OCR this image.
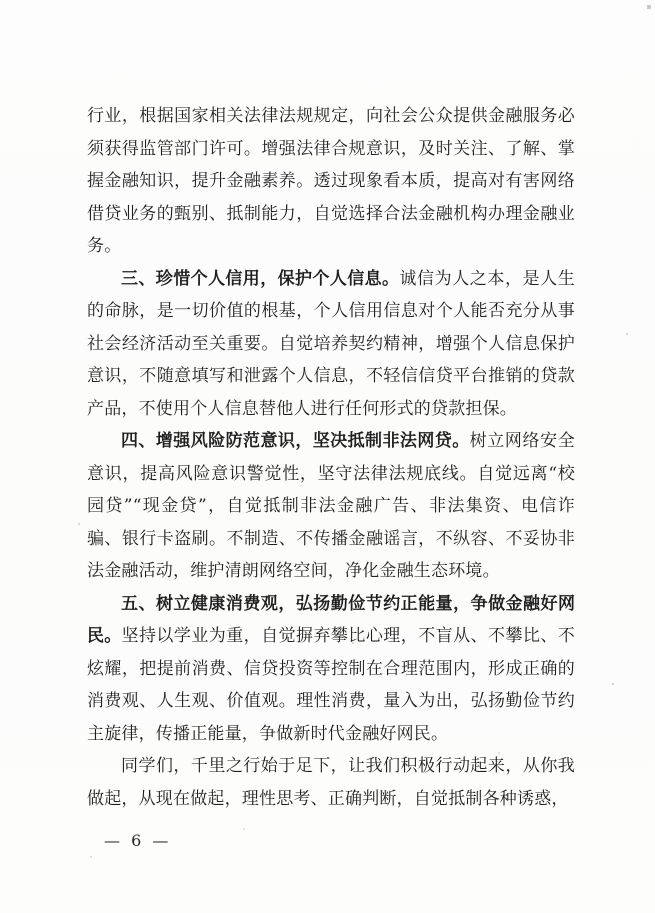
行业，根据国家相关法律法规规定，向社会公众提供金融服务必须获得监管部门许可。增强法律合规意识，及时关注、了解、掌握金融知识，提升金融素养。透过现象看本质，提高对有害网络借贷业务的甄别、抵制能力，自觉选择合法金融机构办理金融业务。

三、珍惜个人信用，保护个人信息。诚信为人之本，是人生的命脉，是一切价值的根基，个人信用信息对个人能否充分从事社会经济活动至关重要。自觉培养契约精神，增强个人信息保护意识，不随意填写和泄露个人信息，不轻信信贷平台推销的贷款产品，不使用个人信息替他人进行任何形式的贷款担保。

四、增强风险防范意识，坚决抵制非法网贷。树立网络安全意识，提高风险意识警觉性，坚守法律法规底线。自觉远离“校园贷”“现金贷”，自觉抵制非法金融广告、非法集资、电信诈骗、银行卡盗刷。不制造、不传播金融谣言，不纵容、不妥协非法金融活动，维护清朗网络空间，净化金融生态环境。

五、树立健康消费观，弘扬勤俭节约正能量，争做金融好网民。坚持以学业为重，自觉摒弃攀比心理，不盲从、不攀比、不炫耀，把提前消费、信贷投资等控制在合理范围内，形成正确的消费观、人生观、价值观。理性消费，量入为出，弘扬勤俭节约主旋律，传播正能量，争做新时代金融好网民。

同学们，千里之行始于足下，让我们积极行动起来，从你我做起，从现在做起，理性思考、正确判断，自觉抵制各种诱惑，

— 6 —
